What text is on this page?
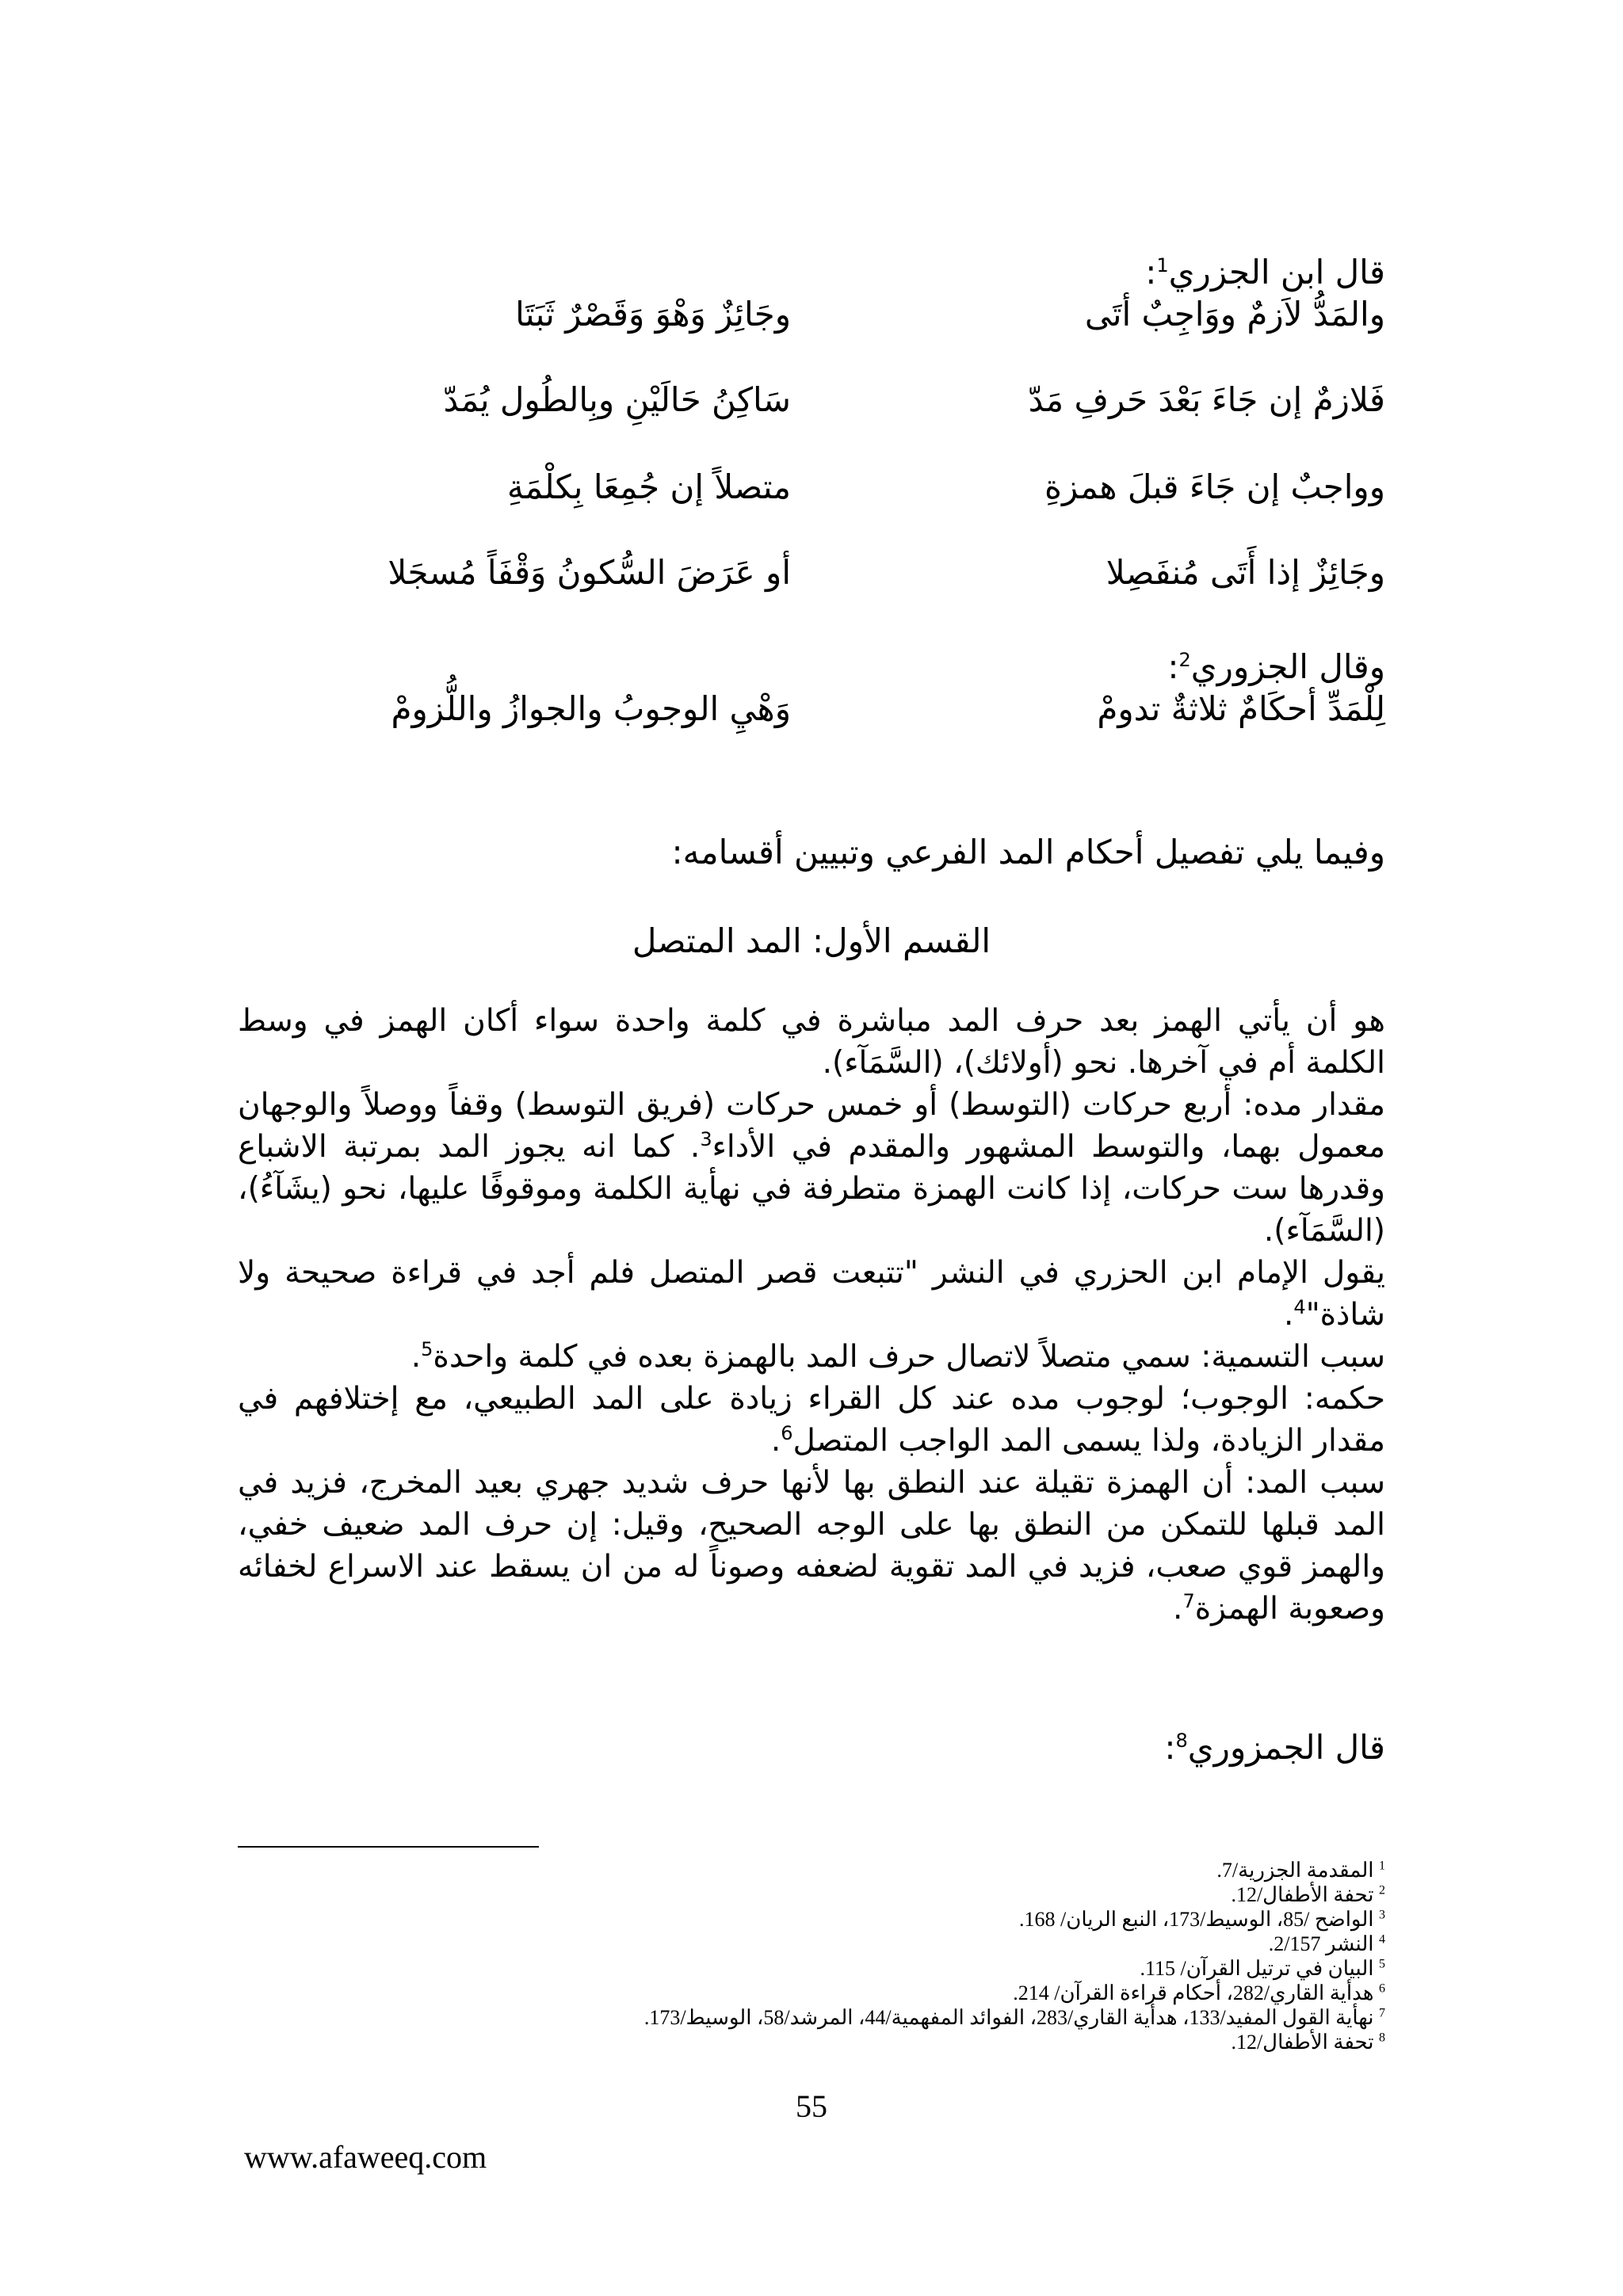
قال ابن الجزري$^1$:
والمَدُّ لاَزمٌ ووَاجِبٌ أتَى
وجَائِزٌ وَهْوَ وَقَصْرٌ ثَبَتَا
فَلازمٌ إن جَاءَ بَعْدَ حَرفِ مَدّ
سَاكِنُ حَالَيْنِ وبِالطُول يُمَدّ
وواجبٌ إن جَاءَ قبلَ همزةِ
متصلاً إن جُمِعَا بِكلْمَةِ
وجَائِزٌ إذا أَتَى مُنفَصِلا
أو عَرَضَ السُّكونُ وَقْفَاً مُسجَلا
وقال الجزوري$^2$:
لِلْمَدِّ أحكَامٌ ثلاثةٌ تدومْ
وَهْيِ الوجوبُ والجوازُ واللُّزومْ
وفيما يلي تفصيل أحكام المد الفرعي وتبيين أقسامه:
القسم الأول: المد المتصل

هو أن يأتي الهمز بعد حرف المد مباشرة في كلمة واحدة سواء أكان الهمز في وسط الكلمة أم في آخرها. نحو (أولائك)، (السَّمَآء).

مقدار مده: أربع حركات (التوسط) أو خمس حركات (فريق التوسط) وقفاً ووصلاً والوجهان معمول بهما، والتوسط المشهور والمقدم في الأداء$^3$. كما انه يجوز المد بمرتبة الاشباع وقدرها ست حركات، إذا كانت الهمزة متطرفة في نهأية الكلمة وموقوفًا عليها، نحو (يشَآءُ)، (السَّمَآء).

يقول الإمام ابن الحزري في النشر "تتبعت قصر المتصل فلم أجد في قراءة صحيحة ولا شاذة"$^4$.

سبب التسمية: سمي متصلاً لاتصال حرف المد بالهمزة بعده في كلمة واحدة$^5$.

حكمه: الوجوب؛ لوجوب مده عند كل القراء زيادة على المد الطبيعي، مع إختلافهم في مقدار الزيادة، ولذا يسمى المد الواجب المتصل$^6$.

سبب المد: أن الهمزة تقيلة عند النطق بها لأنها حرف شديد جهري بعيد المخرج، فزيد في المد قبلها للتمكن من النطق بها على الوجه الصحيح، وقيل: إن حرف المد ضعيف خفي، والهمز قوي صعب، فزيد في المد تقوية لضعفه وصوناً له من ان يسقط عند الاسراع لخفائه وصعوبة الهمزة$^7$.

قال الجمزوري$^8$:
$^1$ المقدمة الجزرية/7.
$^2$ تحفة الأطفال/12.
$^3$ الواضح /85، الوسيط/173، النبع الريان/ 168.
$^4$ النشر 2/157.
$^5$ البيان في ترتيل القرآن/ 115.
$^6$ هدأية القاري/282، أحكام قراءة القرآن/ 214.
$^7$ نهأية القول المفيد/133، هدأية القاري/283، الفوائد المفهمية/44، المرشد/58، الوسيط/173.
$^8$ تحفة الأطفال/12.
55
www.afaweeq.com
